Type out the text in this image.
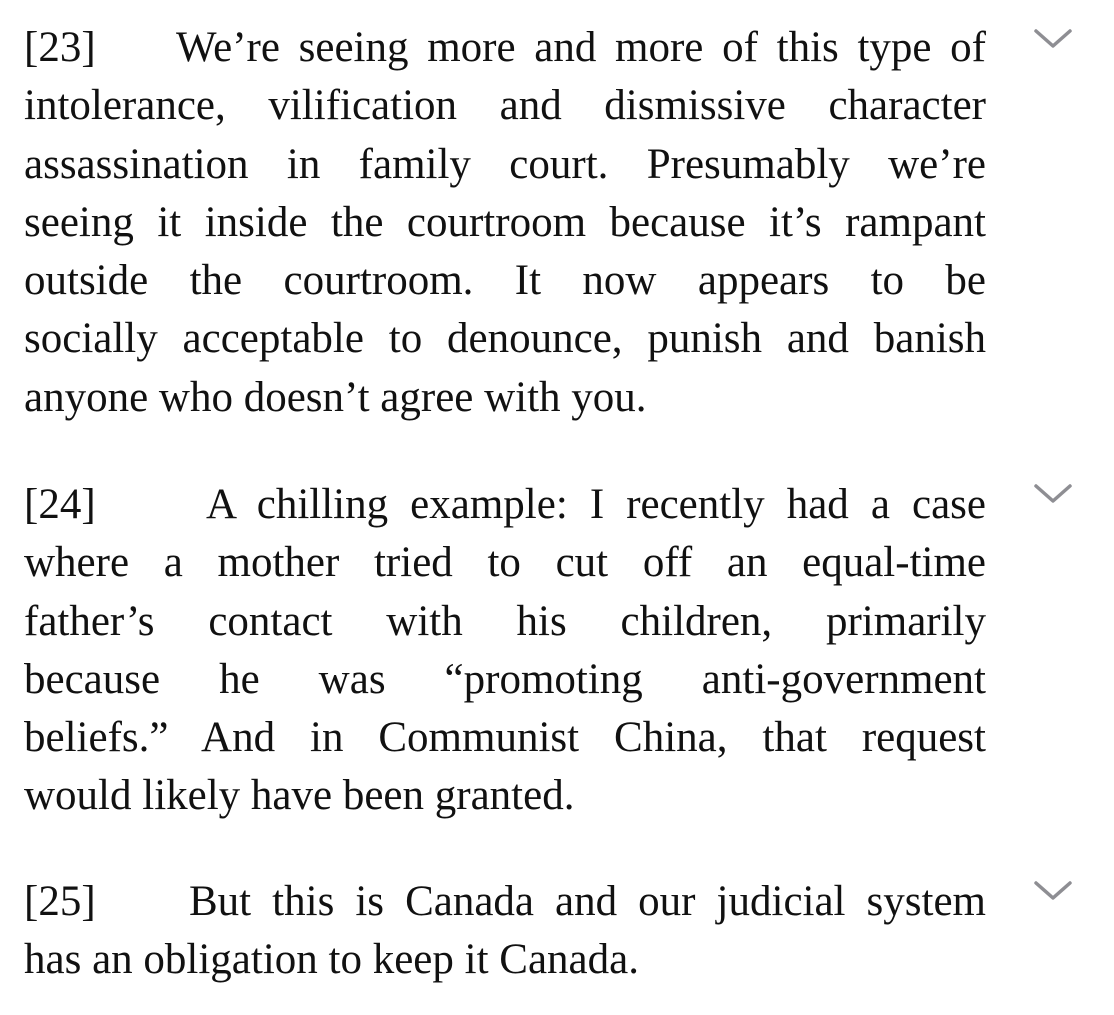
[23] We’re seeing more and more of this type of
intolerance, vilification and dismissive character
assassination in family court. Presumably we’re
seeing it inside the courtroom because it’s rampant
outside the courtroom. It now appears to be
socially acceptable to denounce, punish and banish
anyone who doesn’t agree with you.
[24]	A chilling example: I recently had a case
where a mother tried to cut off an equal-time
father’s contact with his children, primarily
because he was “promoting anti-government
beliefs.” And in Communist China, that request
would likely have been granted.
[25] But this is Canada and our judicial system
has an obligation to keep it Canada.
